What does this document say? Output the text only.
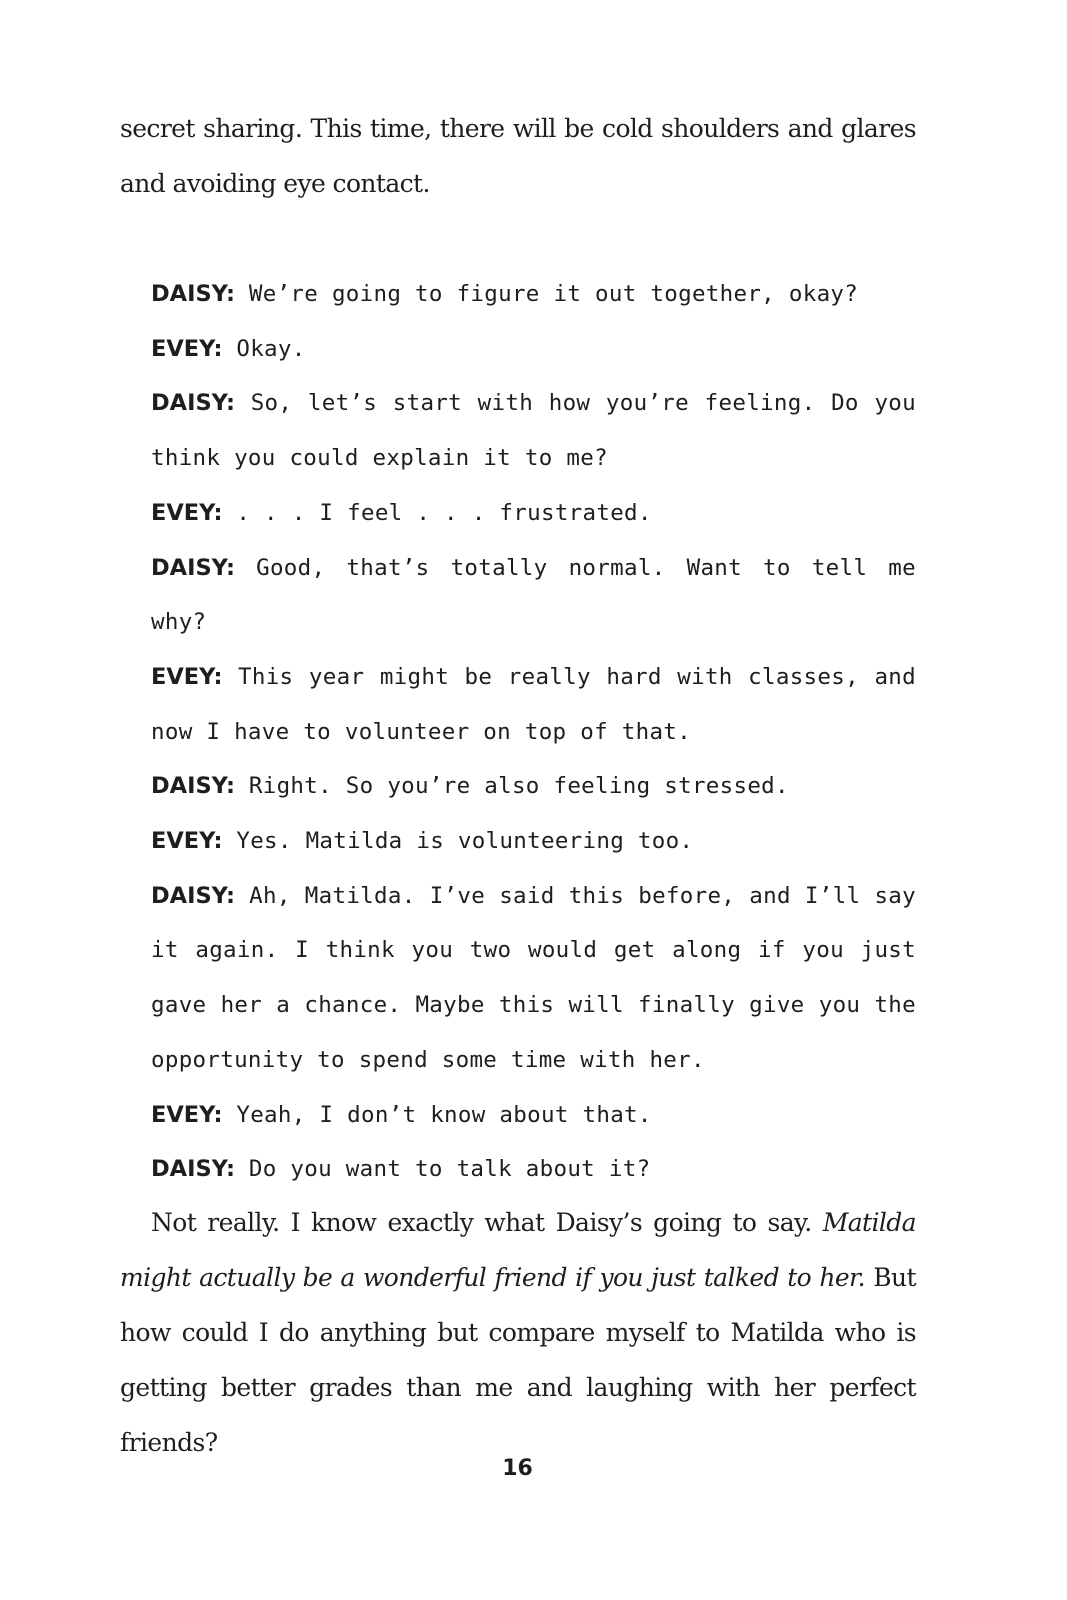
secret sharing. This time, there will be cold shoulders and glares and avoiding eye contact.

DAISY: We’re going to figure it out together, okay?
EVEY: Okay.
DAISY: So, let’s start with how you’re feeling. Do you think you could explain it to me?
EVEY: . . . I feel . . . frustrated.
DAISY: Good, that’s totally normal. Want to tell me why?
EVEY: This year might be really hard with classes, and now I have to volunteer on top of that.
DAISY: Right. So you’re also feeling stressed.
EVEY: Yes. Matilda is volunteering too.
DAISY: Ah, Matilda. I’ve said this before, and I’ll say it again. I think you two would get along if you just gave her a chance. Maybe this will finally give you the opportunity to spend some time with her.
EVEY: Yeah, I don’t know about that.
DAISY: Do you want to talk about it?

Not really. I know exactly what Daisy’s going to say. Matilda might actually be a wonderful friend if you just talked to her. But how could I do anything but compare myself to Matilda who is getting better grades than me and laughing with her perfect friends?

16
